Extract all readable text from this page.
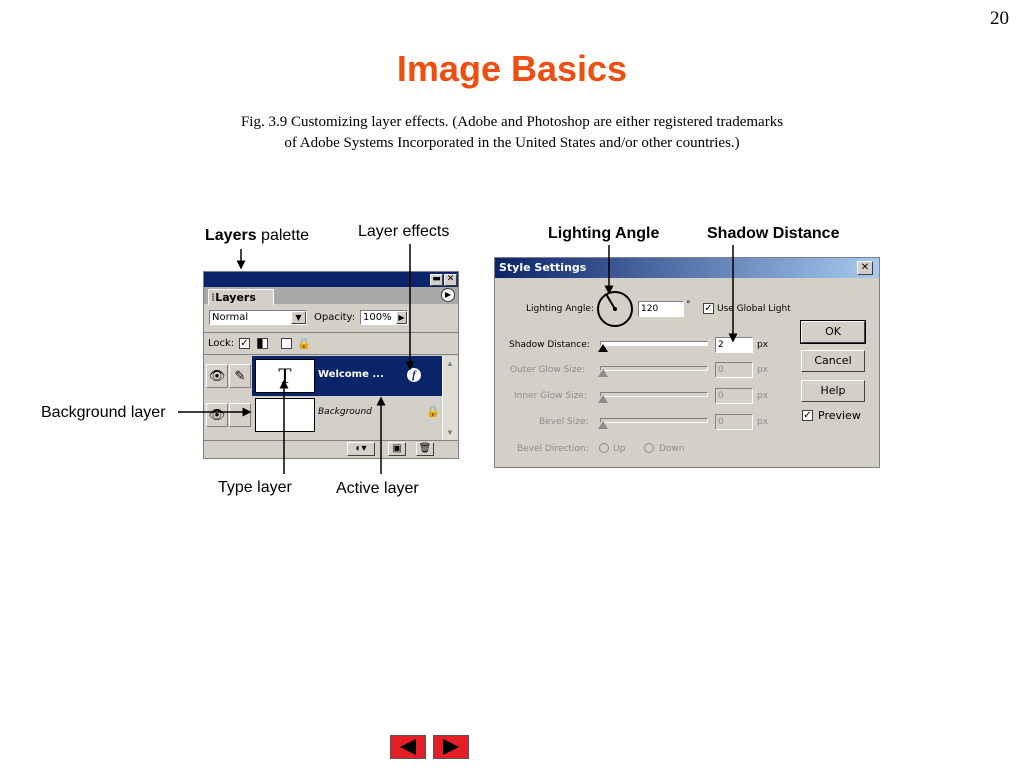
20
Image Basics
Fig. 3.9 Customizing layer effects. (Adobe and Photoshop are either registered trademarks
of Adobe Systems Incorporated in the United States and/or other countries.)
Layers palette	Layer effects	Lighting Angle	Shadow Distance
Background layer
Type layer	Active layer
▬ ✕
⁞Layers	▶
Normal	▼	Opacity: 100% ▶
Lock: ✓	🔒
👁 ✎	T	Welcome ...	f
👁	Background	🔒
▲
▼
◐▾	▣	🗑
Style Settings	✕
Lighting Angle:	120	° ✓ Use Global Light
Shadow Distance:	2	px
Outer Glow Size:	0	px
Inner Glow Size:	0	px
Bevel Size:	0	px
Bevel Direction:	Up	Down
OK
Cancel
Help
✓ Preview
